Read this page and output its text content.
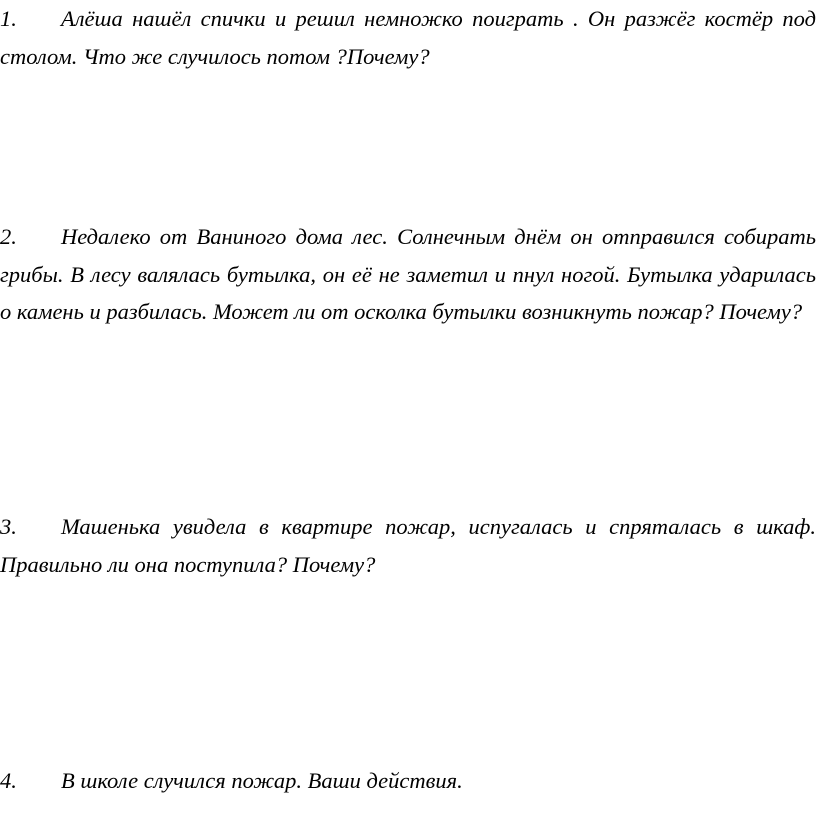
1. Алёша нашёл спички и решил немножко поиграть . Он разжёг костёр под столом. Что же случилось потом ?Почему?

2. Недалеко от Ваниного дома лес. Солнечным днём он отправился собирать грибы. В лесу валялась бутылка, он её не заметил и пнул ногой. Бутылка ударилась о камень и разбилась. Может ли от осколка бутылки возникнуть пожар? Почему?

3. Машенька увидела в квартире пожар, испугалась и спряталась в шкаф. Правильно ли она поступила? Почему?

4. В школе случился пожар. Ваши действия.
